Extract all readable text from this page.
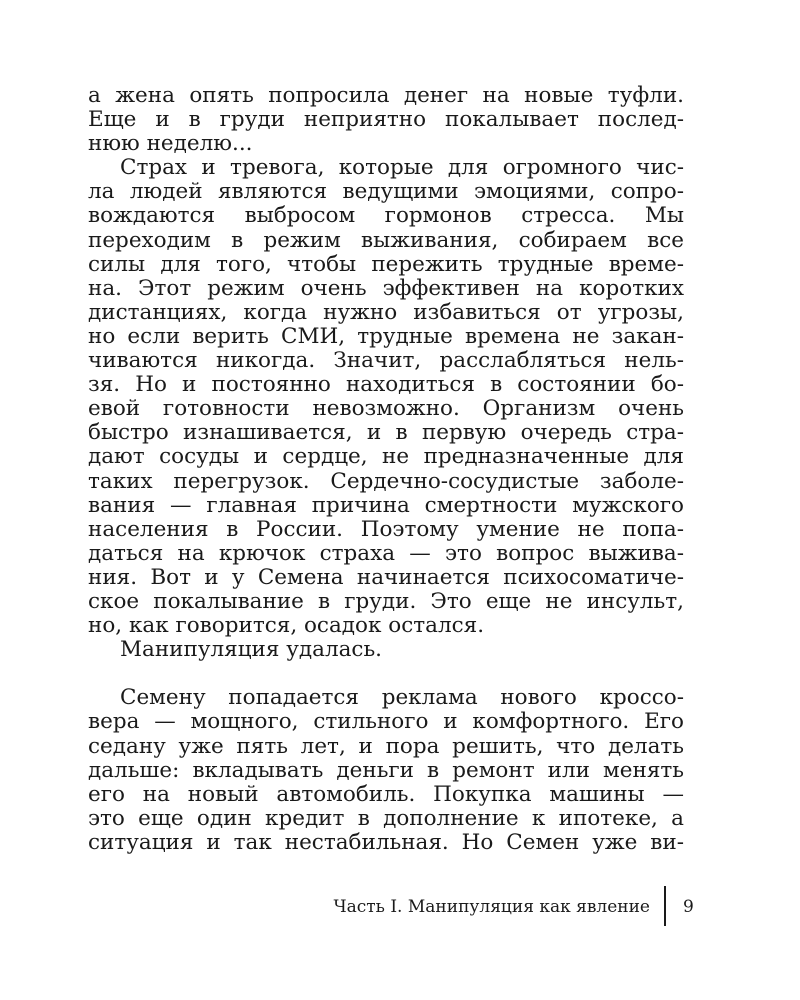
а жена опять попросила денег на новые туфли.
Еще и в груди неприятно покалывает послед-
нюю неделю...
Страх и тревога, которые для огромного чис-
ла людей являются ведущими эмоциями, сопро-
вождаются выбросом гормонов стресса. Мы
переходим в режим выживания, собираем все
силы для того, чтобы пережить трудные време-
на. Этот режим очень эффективен на коротких
дистанциях, когда нужно избавиться от угрозы,
но если верить СМИ, трудные времена не закан-
чиваются никогда. Значит, расслабляться нель-
зя. Но и постоянно находиться в состоянии бо-
евой готовности невозможно. Организм очень
быстро изнашивается, и в первую очередь стра-
дают сосуды и сердце, не предназначенные для
таких перегрузок. Сердечно-сосудистые заболе-
вания — главная причина смертности мужского
населения в России. Поэтому умение не попа-
даться на крючок страха — это вопрос выжива-
ния. Вот и у Семена начинается психосоматиче-
ское покалывание в груди. Это еще не инсульт,
но, как говорится, осадок остался.
Манипуляция удалась.
Семену попадается реклама нового кроссо-
вера — мощного, стильного и комфортного. Его
седану уже пять лет, и пора решить, что делать
дальше: вкладывать деньги в ремонт или менять
его на новый автомобиль. Покупка машины —
это еще один кредит в дополнение к ипотеке, а
ситуация и так нестабильная. Но Семен уже ви-
Часть I. Манипуляция как явление 9
